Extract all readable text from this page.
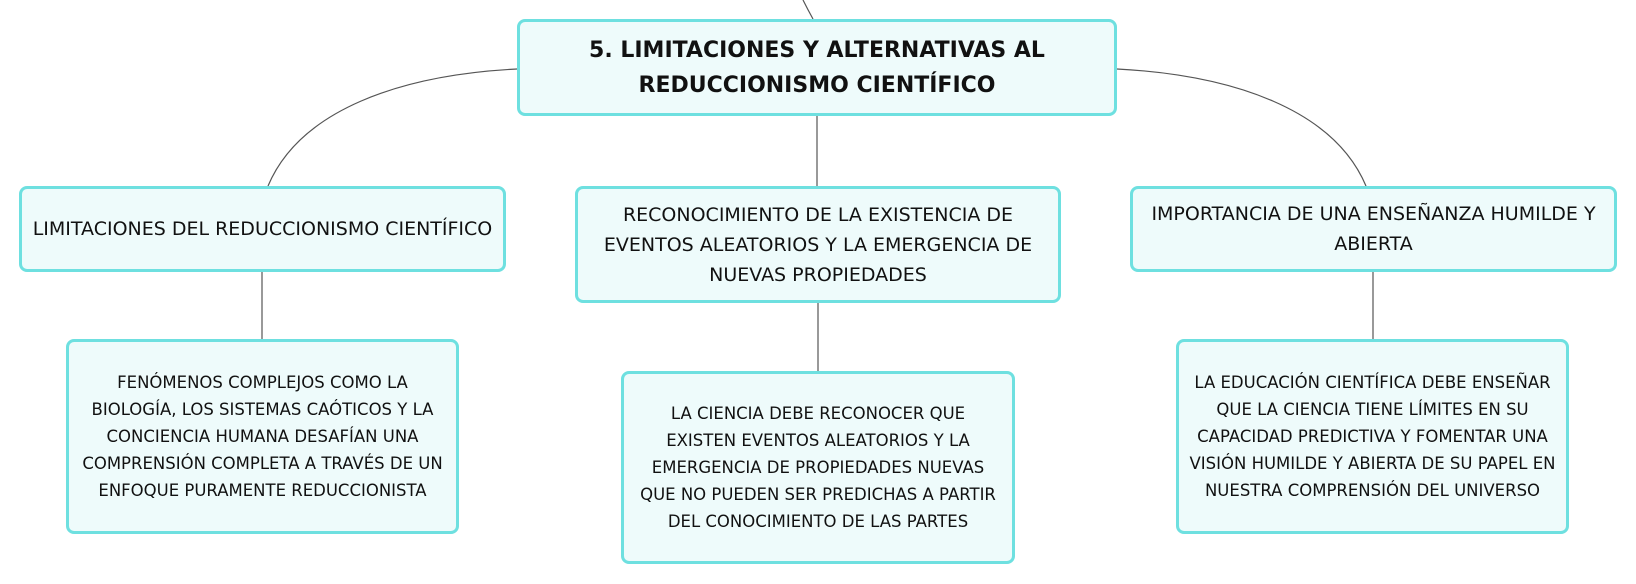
5. LIMITACIONES Y ALTERNATIVAS AL REDUCCIONISMO CIENTÍFICO
LIMITACIONES DEL REDUCCIONISMO CIENTÍFICO
RECONOCIMIENTO DE LA EXISTENCIA DE EVENTOS ALEATORIOS Y LA EMERGENCIA DE NUEVAS PROPIEDADES
IMPORTANCIA DE UNA ENSEÑANZA HUMILDE Y ABIERTA
FENÓMENOS COMPLEJOS COMO LA BIOLOGÍA, LOS SISTEMAS CAÓTICOS Y LA CONCIENCIA HUMANA DESAFÍAN UNA COMPRENSIÓN COMPLETA A TRAVÉS DE UN ENFOQUE PURAMENTE REDUCCIONISTA
LA CIENCIA DEBE RECONOCER QUE EXISTEN EVENTOS ALEATORIOS Y LA EMERGENCIA DE PROPIEDADES NUEVAS QUE NO PUEDEN SER PREDICHAS A PARTIR DEL CONOCIMIENTO DE LAS PARTES
LA EDUCACIÓN CIENTÍFICA DEBE ENSEÑAR QUE LA CIENCIA TIENE LÍMITES EN SU CAPACIDAD PREDICTIVA Y FOMENTAR UNA VISIÓN HUMILDE Y ABIERTA DE SU PAPEL EN NUESTRA COMPRENSIÓN DEL UNIVERSO
